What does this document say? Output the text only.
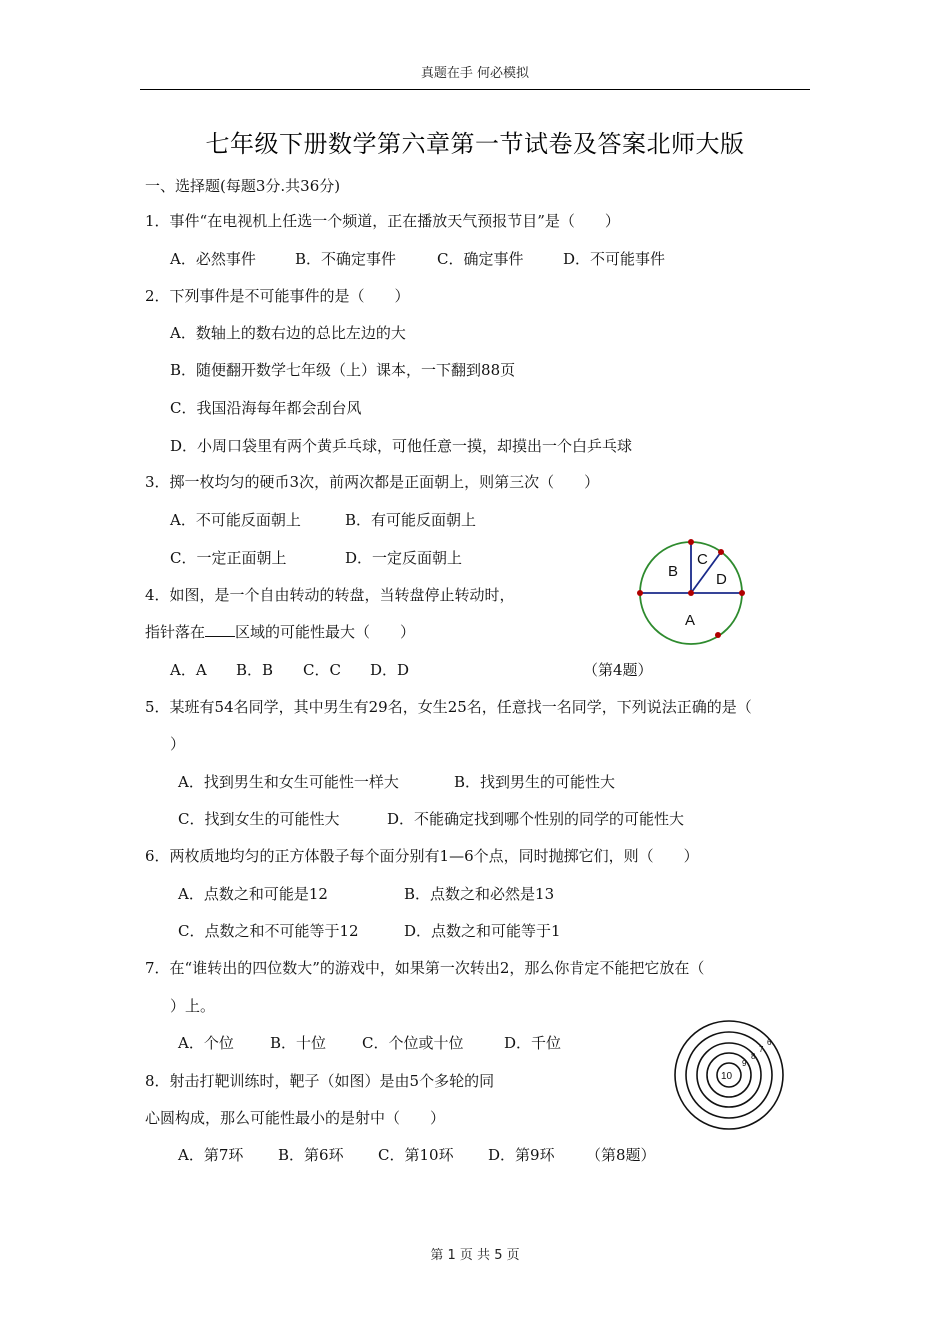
真题在手 何必模拟
七年级下册数学第六章第一节试卷及答案北师大版
一、选择题(每题3分.共36分)
1．事件“在电视机上任选一个频道，正在播放天气预报节目”是（　　）
A．必然事件	B．不确定事件	C．确定事件	D．不可能事件
2．下列事件是不可能事件的是（　　）
A．数轴上的数右边的总比左边的大
B．随便翻开数学七年级（上）课本，一下翻到88页
C．我国沿海每年都会刮台风
D．小周口袋里有两个黄乒乓球，可他任意一摸，却摸出一个白乒乓球
3．掷一枚均匀的硬币3次，前两次都是正面朝上，则第三次（　　）
A．不可能反面朝上	B．有可能反面朝上
C．一定正面朝上	D．一定反面朝上
4．如图，是一个自由转动的转盘，当转盘停止转动时，
指针落在 区域的可能性最大（　　）
A．A B．B C．C D．D	（第4题）
A
B
C
D
5．某班有54名同学，其中男生有29名，女生25名，任意找一名同学，下列说法正确的是（
）
A．找到男生和女生可能性一样大	B．找到男生的可能性大
C．找到女生的可能性大	D．不能确定找到哪个性别的同学的可能性大
6．两枚质地均匀的正方体骰子每个面分别有1—6个点，同时抛掷它们，则（　　）
A．点数之和可能是12	B．点数之和必然是13
C．点数之和不可能等于12	D．点数之和可能等于1
7．在“谁转出的四位数大”的游戏中，如果第一次转出2，那么你肯定不能把它放在（
）上。
A．个位 B．十位 C．个位或十位	D．千位
8．射击打靶训练时，靶子（如图）是由5个多轮的同
心圆构成，那么可能性最小的是射中（　　）
A．第7环 B．第6环 C．第10环 D．第9环 （第8题）
10
9
8
7
6
第 1 页 共 5 页
